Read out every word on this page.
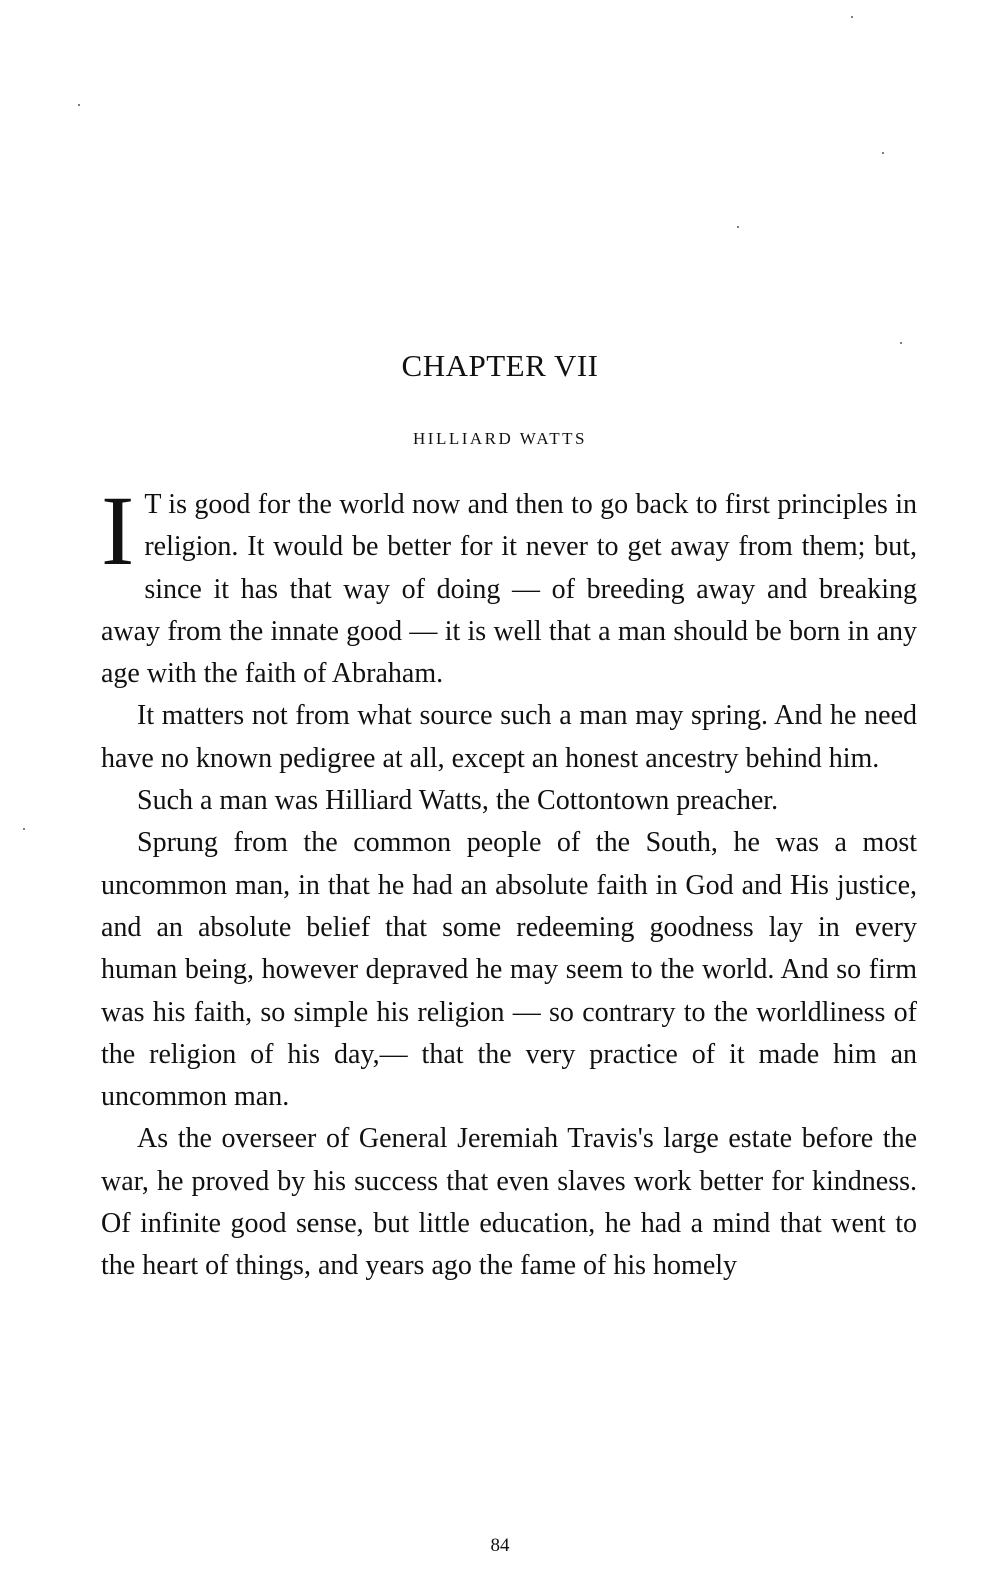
CHAPTER VII
HILLIARD WATTS

I T is good for the world now and then to go back to first principles in religion. It would be better for it never to get away from them; but, since it has that way of doing — of breeding away and breaking away from the innate good — it is well that a man should be born in any age with the faith of Abraham.

It matters not from what source such a man may spring. And he need have no known pedigree at all, except an honest ancestry behind him.

Such a man was Hilliard Watts, the Cottontown preacher.

Sprung from the common people of the South, he was a most uncommon man, in that he had an absolute faith in God and His justice, and an absolute belief that some redeeming goodness lay in every human being, however depraved he may seem to the world. And so firm was his faith, so simple his religion — so contrary to the worldliness of the religion of his day,— that the very practice of it made him an uncommon man.

As the overseer of General Jeremiah Travis's large estate before the war, he proved by his success that even slaves work better for kindness. Of infinite good sense, but little education, he had a mind that went to the heart of things, and years ago the fame of his homely

84
